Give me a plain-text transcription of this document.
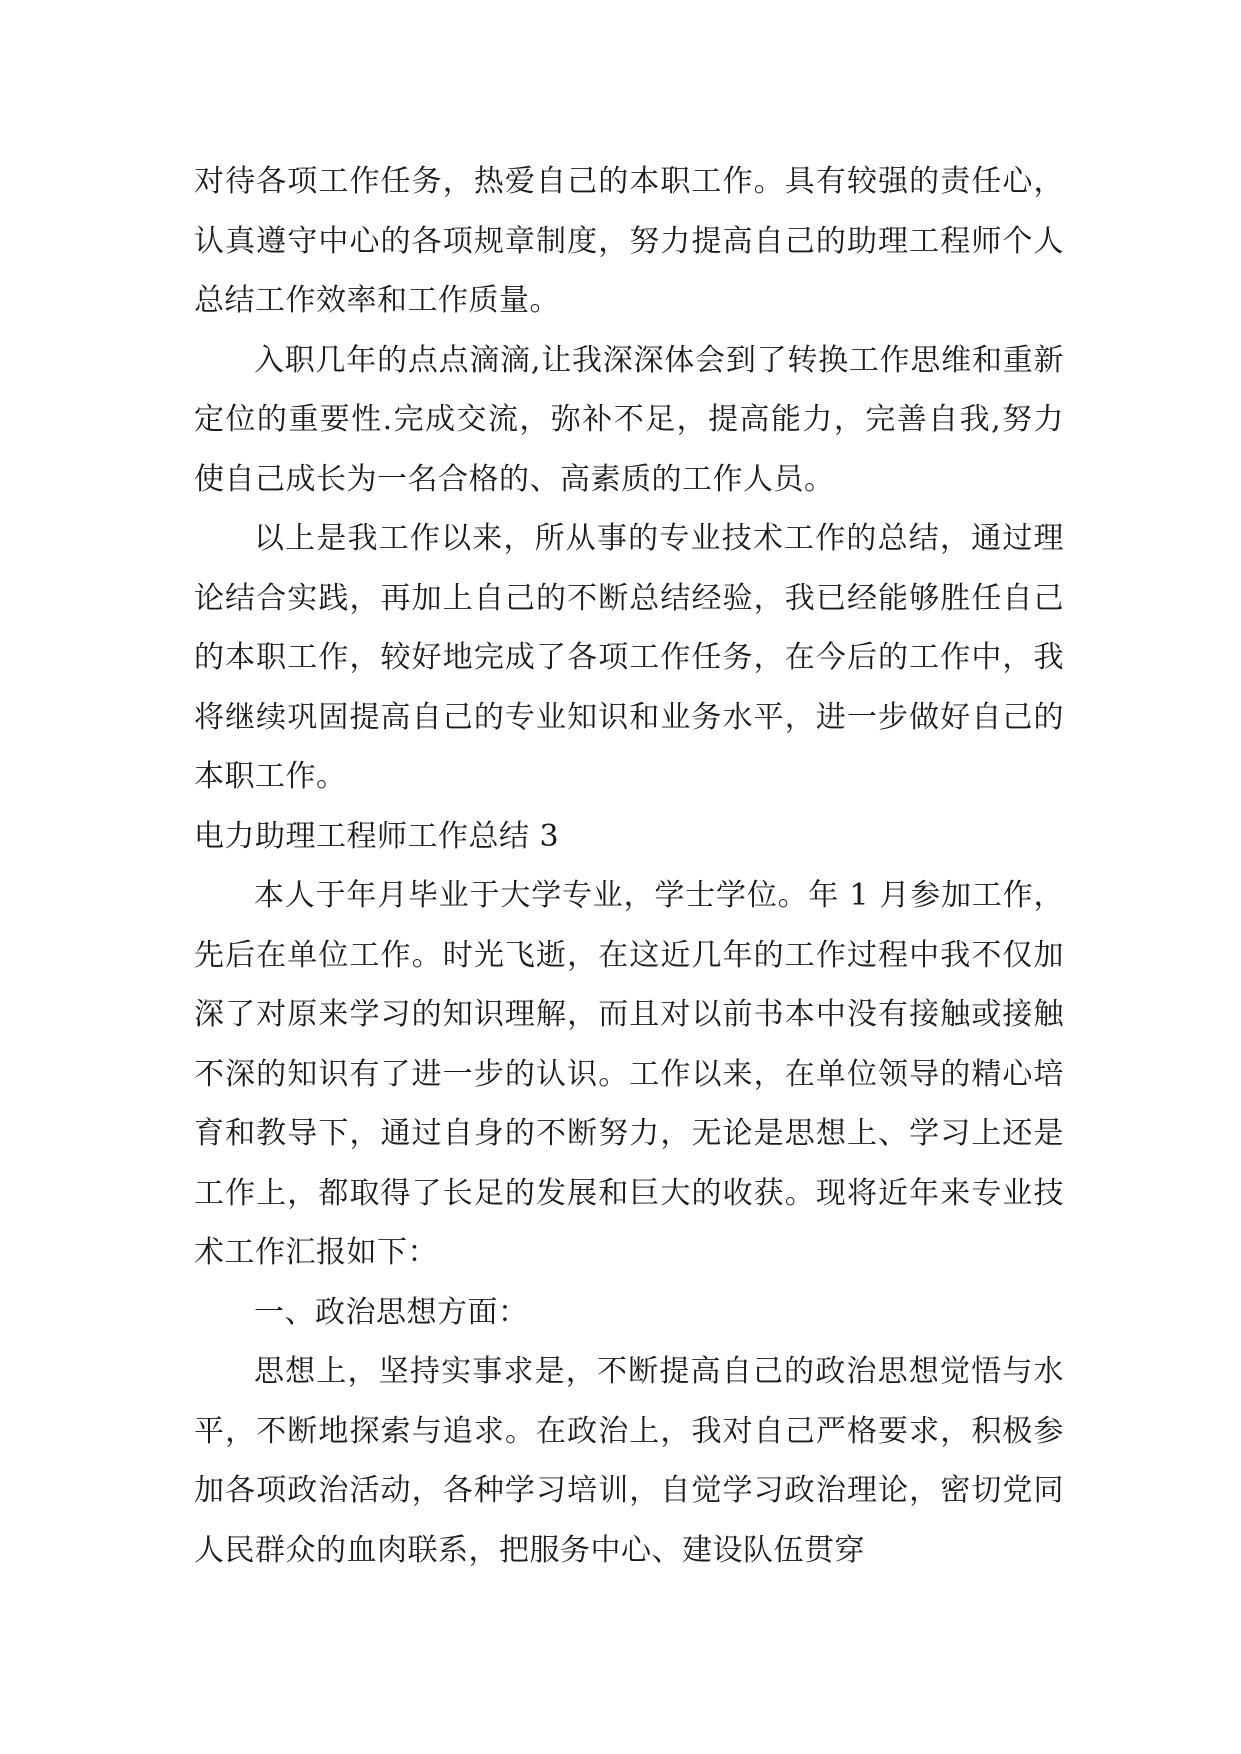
对待各项工作任务，热爱自己的本职工作。具有较强的责任心，认真遵守中心的各项规章制度，努力提高自己的助理工程师个人总结工作效率和工作质量。

入职几年的点点滴滴,让我深深体会到了转换工作思维和重新定位的重要性.完成交流，弥补不足，提高能力，完善自我,努力使自己成长为一名合格的、高素质的工作人员。

以上是我工作以来，所从事的专业技术工作的总结，通过理论结合实践，再加上自己的不断总结经验，我已经能够胜任自己的本职工作，较好地完成了各项工作任务，在今后的工作中，我将继续巩固提高自己的专业知识和业务水平，进一步做好自己的本职工作。

电力助理工程师工作总结 3

本人于年月毕业于大学专业，学士学位。年 1 月参加工作，先后在单位工作。时光飞逝，在这近几年的工作过程中我不仅加深了对原来学习的知识理解，而且对以前书本中没有接触或接触不深的知识有了进一步的认识。工作以来，在单位领导的精心培育和教导下，通过自身的不断努力，无论是思想上、学习上还是工作上，都取得了长足的发展和巨大的收获。现将近年来专业技术工作汇报如下：

一、政治思想方面：

思想上，坚持实事求是，不断提高自己的政治思想觉悟与水平，不断地探索与追求。在政治上，我对自己严格要求，积极参加各项政治活动，各种学习培训，自觉学习政治理论，密切党同人民群众的血肉联系，把服务中心、建设队伍贯穿
